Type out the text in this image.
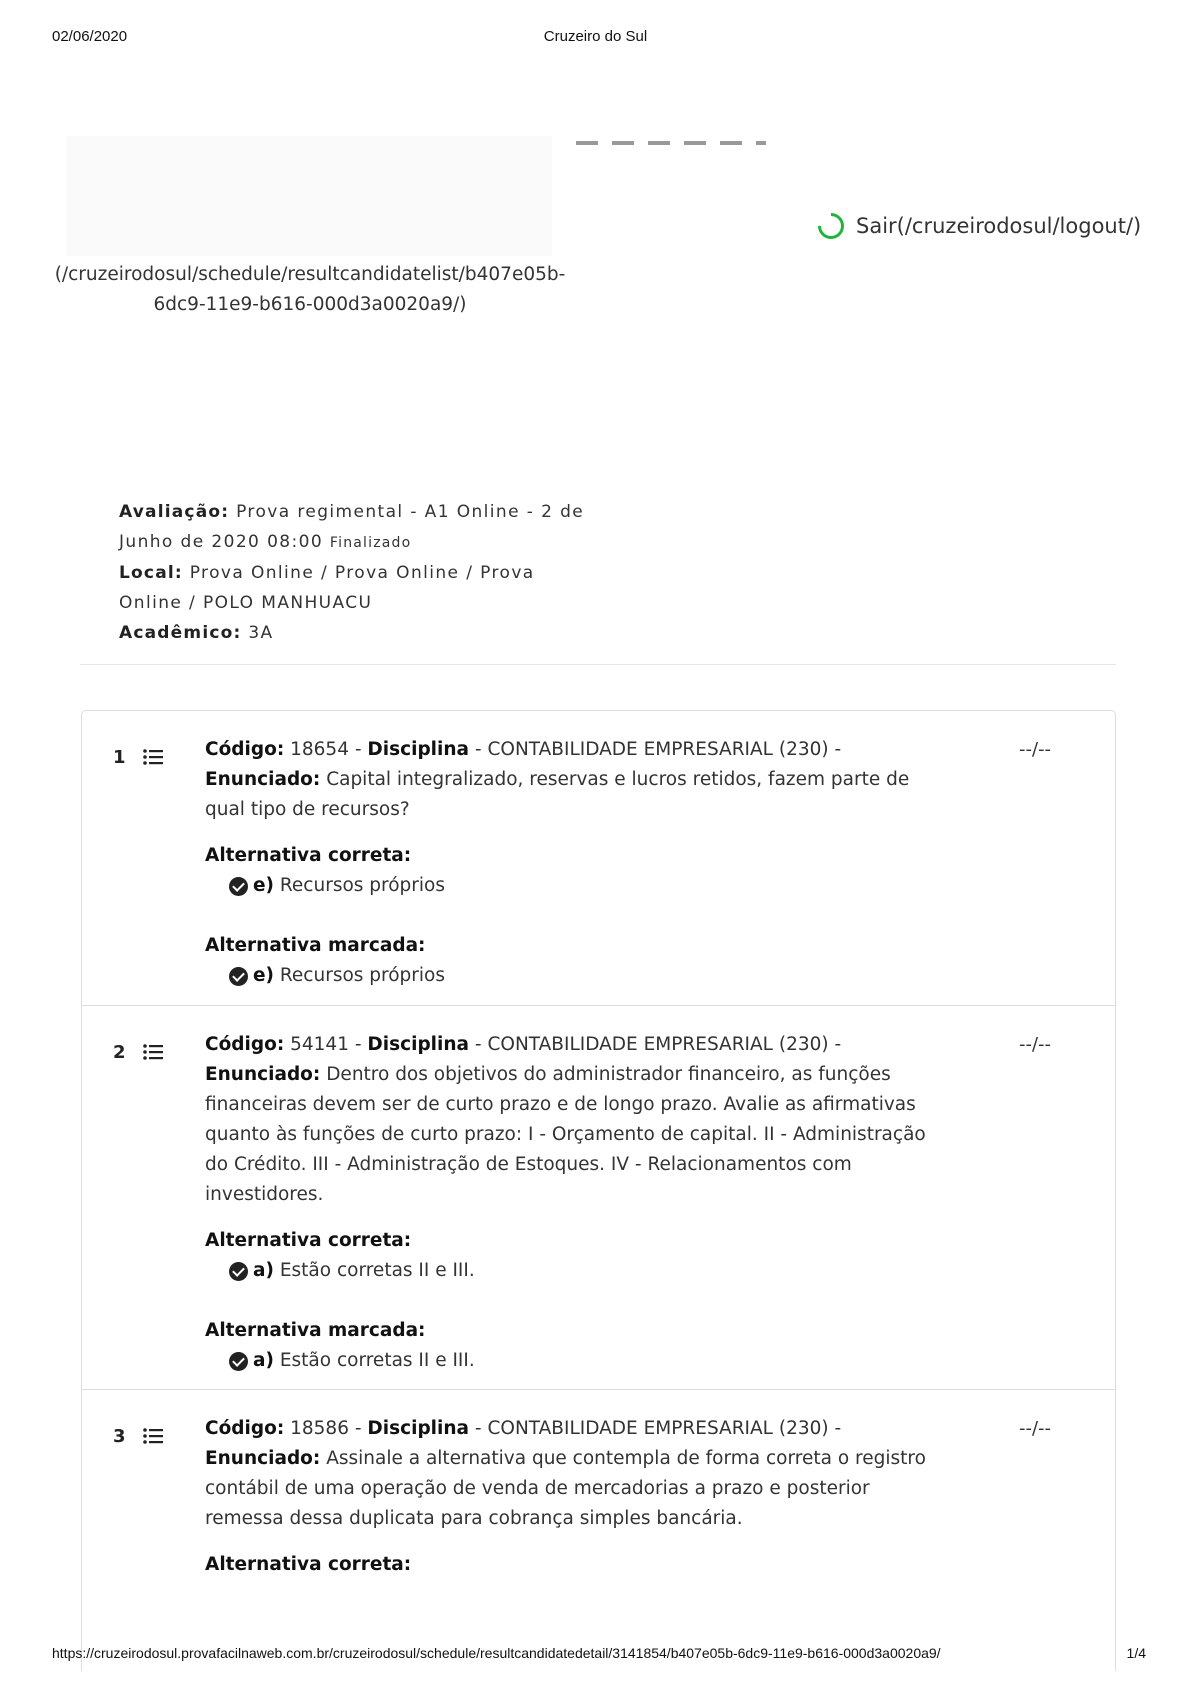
02/06/2020	Cruzeiro do Sul
(/cruzeirodosul/schedule/resultcandidatelist/b407e05b-6dc9-11e9-b616-000d3a0020a9/)
Sair(/cruzeirodosul/logout/)
Avaliação: Prova regimental - A1 Online - 2 de Junho de 2020 08:00 Finalizado
Local: Prova Online / Prova Online / Prova Online / POLO MANHUACU
Acadêmico: 3A
1	Código: 18654 - Disciplina - CONTABILIDADE EMPRESARIAL (230) - Enunciado: Capital integralizado, reservas e lucros retidos, fazem parte de qual tipo de recursos?
Alternativa correta:
e)
Recursos próprios
Alternativa marcada:
e)
Recursos próprios
--/--
2	Código: 54141 - Disciplina - CONTABILIDADE EMPRESARIAL (230) - Enunciado: Dentro dos objetivos do administrador financeiro, as funções financeiras devem ser de curto prazo e de longo prazo. Avalie as afirmativas quanto às funções de curto prazo: I - Orçamento de capital. II - Administração do Crédito. III - Administração de Estoques. IV - Relacionamentos com investidores.
Alternativa correta:
a)
Estão corretas II e III.
Alternativa marcada:
a)
Estão corretas II e III.
--/--
3	Código: 18586 - Disciplina - CONTABILIDADE EMPRESARIAL (230) - Enunciado: Assinale a alternativa que contempla de forma correta o registro contábil de uma operação de venda de mercadorias a prazo e posterior remessa dessa duplicata para cobrança simples bancária.
Alternativa correta:
--/--
https://cruzeirodosul.provafacilnaweb.com.br/cruzeirodosul/schedule/resultcandidatedetail/3141854/b407e05b-6dc9-11e9-b616-000d3a0020a9/	1/4
